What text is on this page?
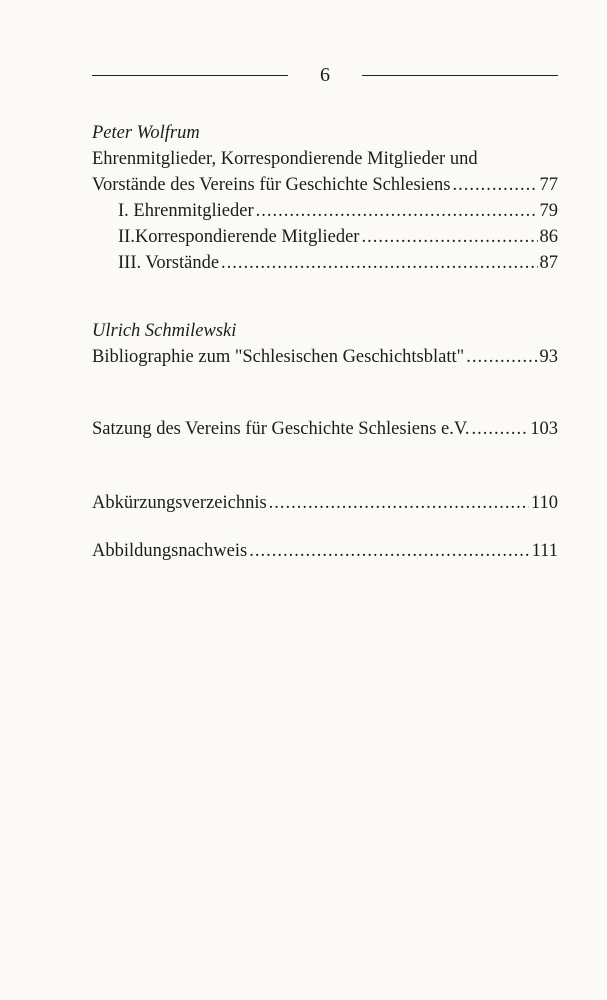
6
Peter Wolfrum
Ehrenmitglieder, Korrespondierende Mitglieder und
Vorstände des Vereins für Geschichte Schlesiens .....	77
I. Ehrenmitglieder .....	79
II.Korrespondierende Mitglieder .....	86
III. Vorstände .....	87
Ulrich Schmilewski
Bibliographie zum "Schlesischen Geschichtsblatt" .....	93
Satzung des Vereins für Geschichte Schlesiens e.V. .....	103
Abkürzungsverzeichnis .....	110
Abbildungsnachweis .....	111
